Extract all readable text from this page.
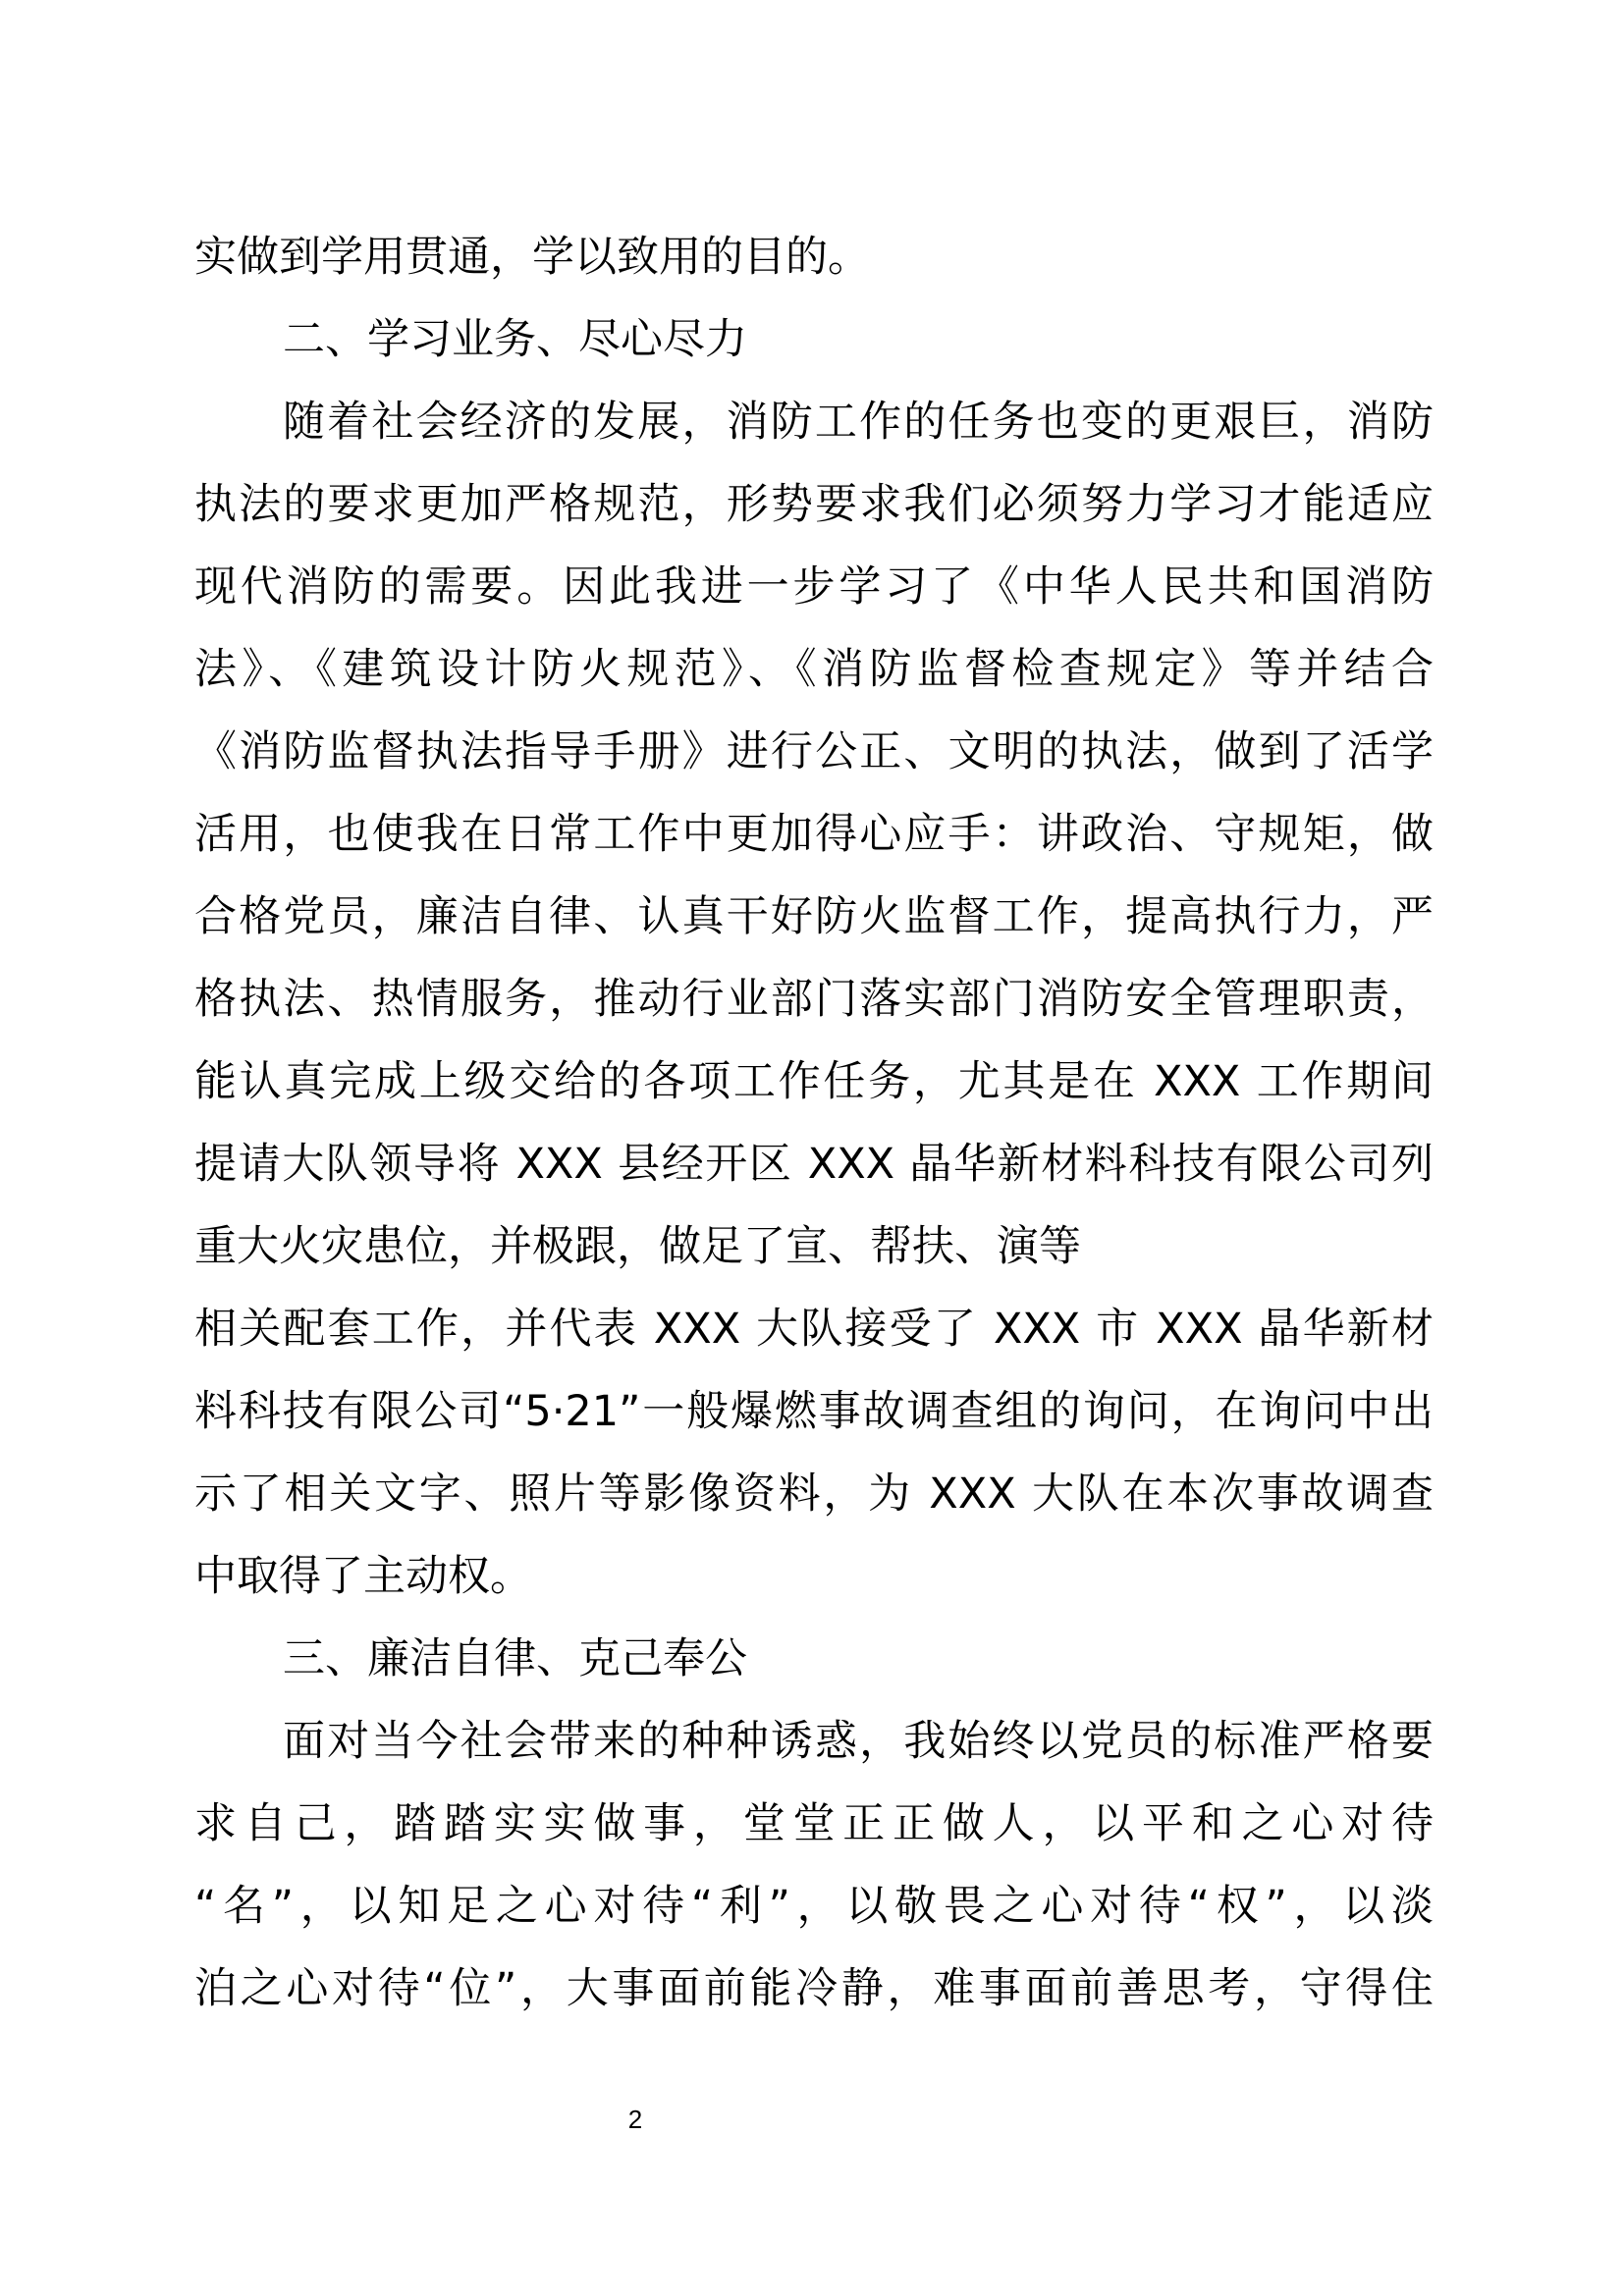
实做到学用贯通，学以致用的目的。
二、学习业务、尽心尽力
随着社会经济的发展，消防工作的任务也变的更艰巨，消防
执法的要求更加严格规范，形势要求我们必须努力学习才能适应
现代消防的需要。因此我进一步学习了《中华人民共和国消防
法》、《建筑设计防火规范》、《消防监督检查规定》等并结合
《消防监督执法指导手册》进行公正、文明的执法，做到了活学
活用，也使我在日常工作中更加得心应手：讲政治、守规矩，做
合格党员，廉洁自律、认真干好防火监督工作，提高执行力，严
格执法、热情服务，推动行业部门落实部门消防安全管理职责，
能认真完成上级交给的各项工作任务，尤其是在 XXX 工作期间
提请大队领导将 XXX 县经开区 XXX 晶华新材料科技有限公司列
重大火灾患位，并极跟，做足了宣、帮扶、演等
相关配套工作，并代表 XXX 大队接受了 XXX 市 XXX 晶华新材
料科技有限公司“5·21”一般爆燃事故调查组的询问，在询问中出
示了相关文字、照片等影像资料，为 XXX 大队在本次事故调查
中取得了主动权。
三、廉洁自律、克己奉公
面对当今社会带来的种种诱惑，我始终以党员的标准严格要
求自己，踏踏实实做事，堂堂正正做人，以平和之心对待
“名”，以知足之心对待“利”，以敬畏之心对待“权”，以淡
泊之心对待“位”，大事面前能冷静，难事面前善思考，守得住
2
